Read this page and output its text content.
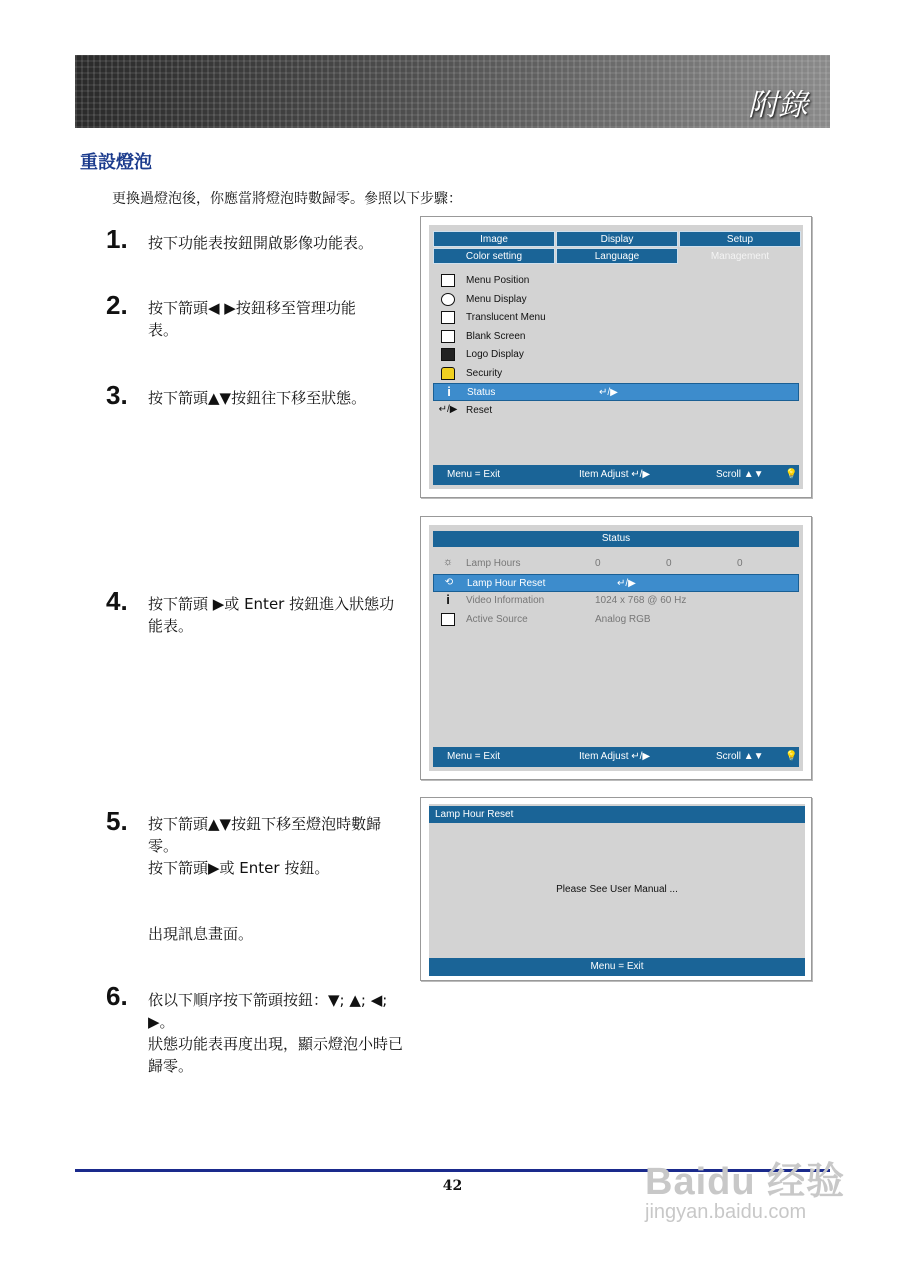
附錄
重設燈泡
更換過燈泡後，你應當將燈泡時數歸零。參照以下步驟：
1. 按下功能表按鈕開啟影像功能表。
2. 按下箭頭◀ ▶按鈕移至管理功能表。
3. 按下箭頭▲▼按鈕往下移至狀態。
4. 按下箭頭 ▶或 Enter 按鈕進入狀態功能表。
5. 按下箭頭▲▼按鈕下移至燈泡時數歸零。
按下箭頭▶或 Enter 按鈕。
出現訊息畫面。
6. 依以下順序按下箭頭按鈕：▼; ▲; ◀; ▶。
狀態功能表再度出現，顯示燈泡小時已歸零。
Image	Display	Setup
Color setting	Language	Management
Menu Position
Menu Display
Translucent Menu
Blank Screen
Logo Display
Security
i	Status	↵/▶
↵/▶ Reset
Menu = Exit	Item Adjust ↵/▶	Scroll ▲▼ 💡
Status
☼ Lamp Hours	0	0	0
⟲ Lamp Hour Reset	↵/▶
i	Video Information	1024 x 768 @ 60 Hz
Active Source	Analog RGB
Menu = Exit	Item Adjust ↵/▶	Scroll ▲▼ 💡
Lamp Hour Reset
Please See User Manual ...
Menu = Exit
42	Baidu 经验
jingyan.baidu.com
